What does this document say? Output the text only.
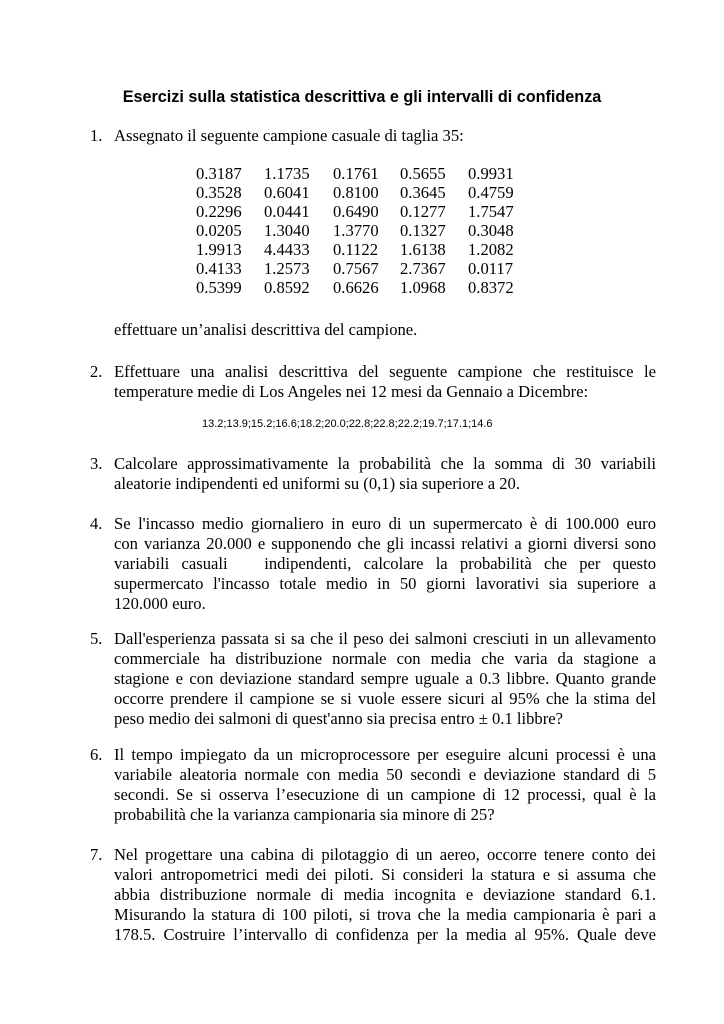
Esercizi sulla statistica descrittiva e gli intervalli di confidenza
1. Assegnato il seguente campione casuale di taglia 35:
0.3187	1.1735	0.1761	0.5655	0.9931
0.3528	0.6041	0.8100	0.3645	0.4759
0.2296	0.0441	0.6490	0.1277	1.7547
0.0205	1.3040	1.3770	0.1327	0.3048
1.9913	4.4433	0.1122	1.6138	1.2082
0.4133	1.2573	0.7567	2.7367	0.0117
0.5399	0.8592	0.6626	1.0968	0.8372
effettuare un’analisi descrittiva del campione.
2. Effettuare una analisi descrittiva del seguente campione che restituisce le
temperature medie di Los Angeles nei 12 mesi da Gennaio a Dicembre:
13.2;13.9;15.2;16.6;18.2;20.0;22.8;22.8;22.2;19.7;17.1;14.6
3. Calcolare approssimativamente la probabilità che la somma di 30 variabili
aleatorie indipendenti ed uniformi su (0,1) sia superiore a 20.
4. Se l'incasso medio giornaliero in euro di un supermercato è di 100.000 euro
con varianza 20.000 e supponendo che gli incassi relativi a giorni diversi sono
variabili casuali   indipendenti, calcolare la probabilità che per questo
supermercato l'incasso totale medio in 50 giorni lavorativi sia superiore a
120.000 euro.
5. Dall'esperienza passata si sa che il peso dei salmoni cresciuti in un allevamento
commerciale ha distribuzione normale con media che varia da stagione a
stagione e con deviazione standard sempre uguale a 0.3 libbre. Quanto grande
occorre prendere il campione se si vuole essere sicuri al 95% che la stima del
peso medio dei salmoni di quest'anno sia precisa entro ± 0.1 libbre?
6. Il tempo impiegato da un microprocessore per eseguire alcuni processi è una
variabile aleatoria normale con media 50 secondi e deviazione standard di 5
secondi. Se si osserva l’esecuzione di un campione di 12 processi, qual è la
probabilità che la varianza campionaria sia minore di 25?
7. Nel progettare una cabina di pilotaggio di un aereo, occorre tenere conto dei
valori antropometrici medi dei piloti. Si consideri la statura e si assuma che
abbia distribuzione normale di media incognita e deviazione standard 6.1.
Misurando la statura di 100 piloti, si trova che la media campionaria è pari a
178.5. Costruire l’intervallo di confidenza per la media al 95%. Quale deve
